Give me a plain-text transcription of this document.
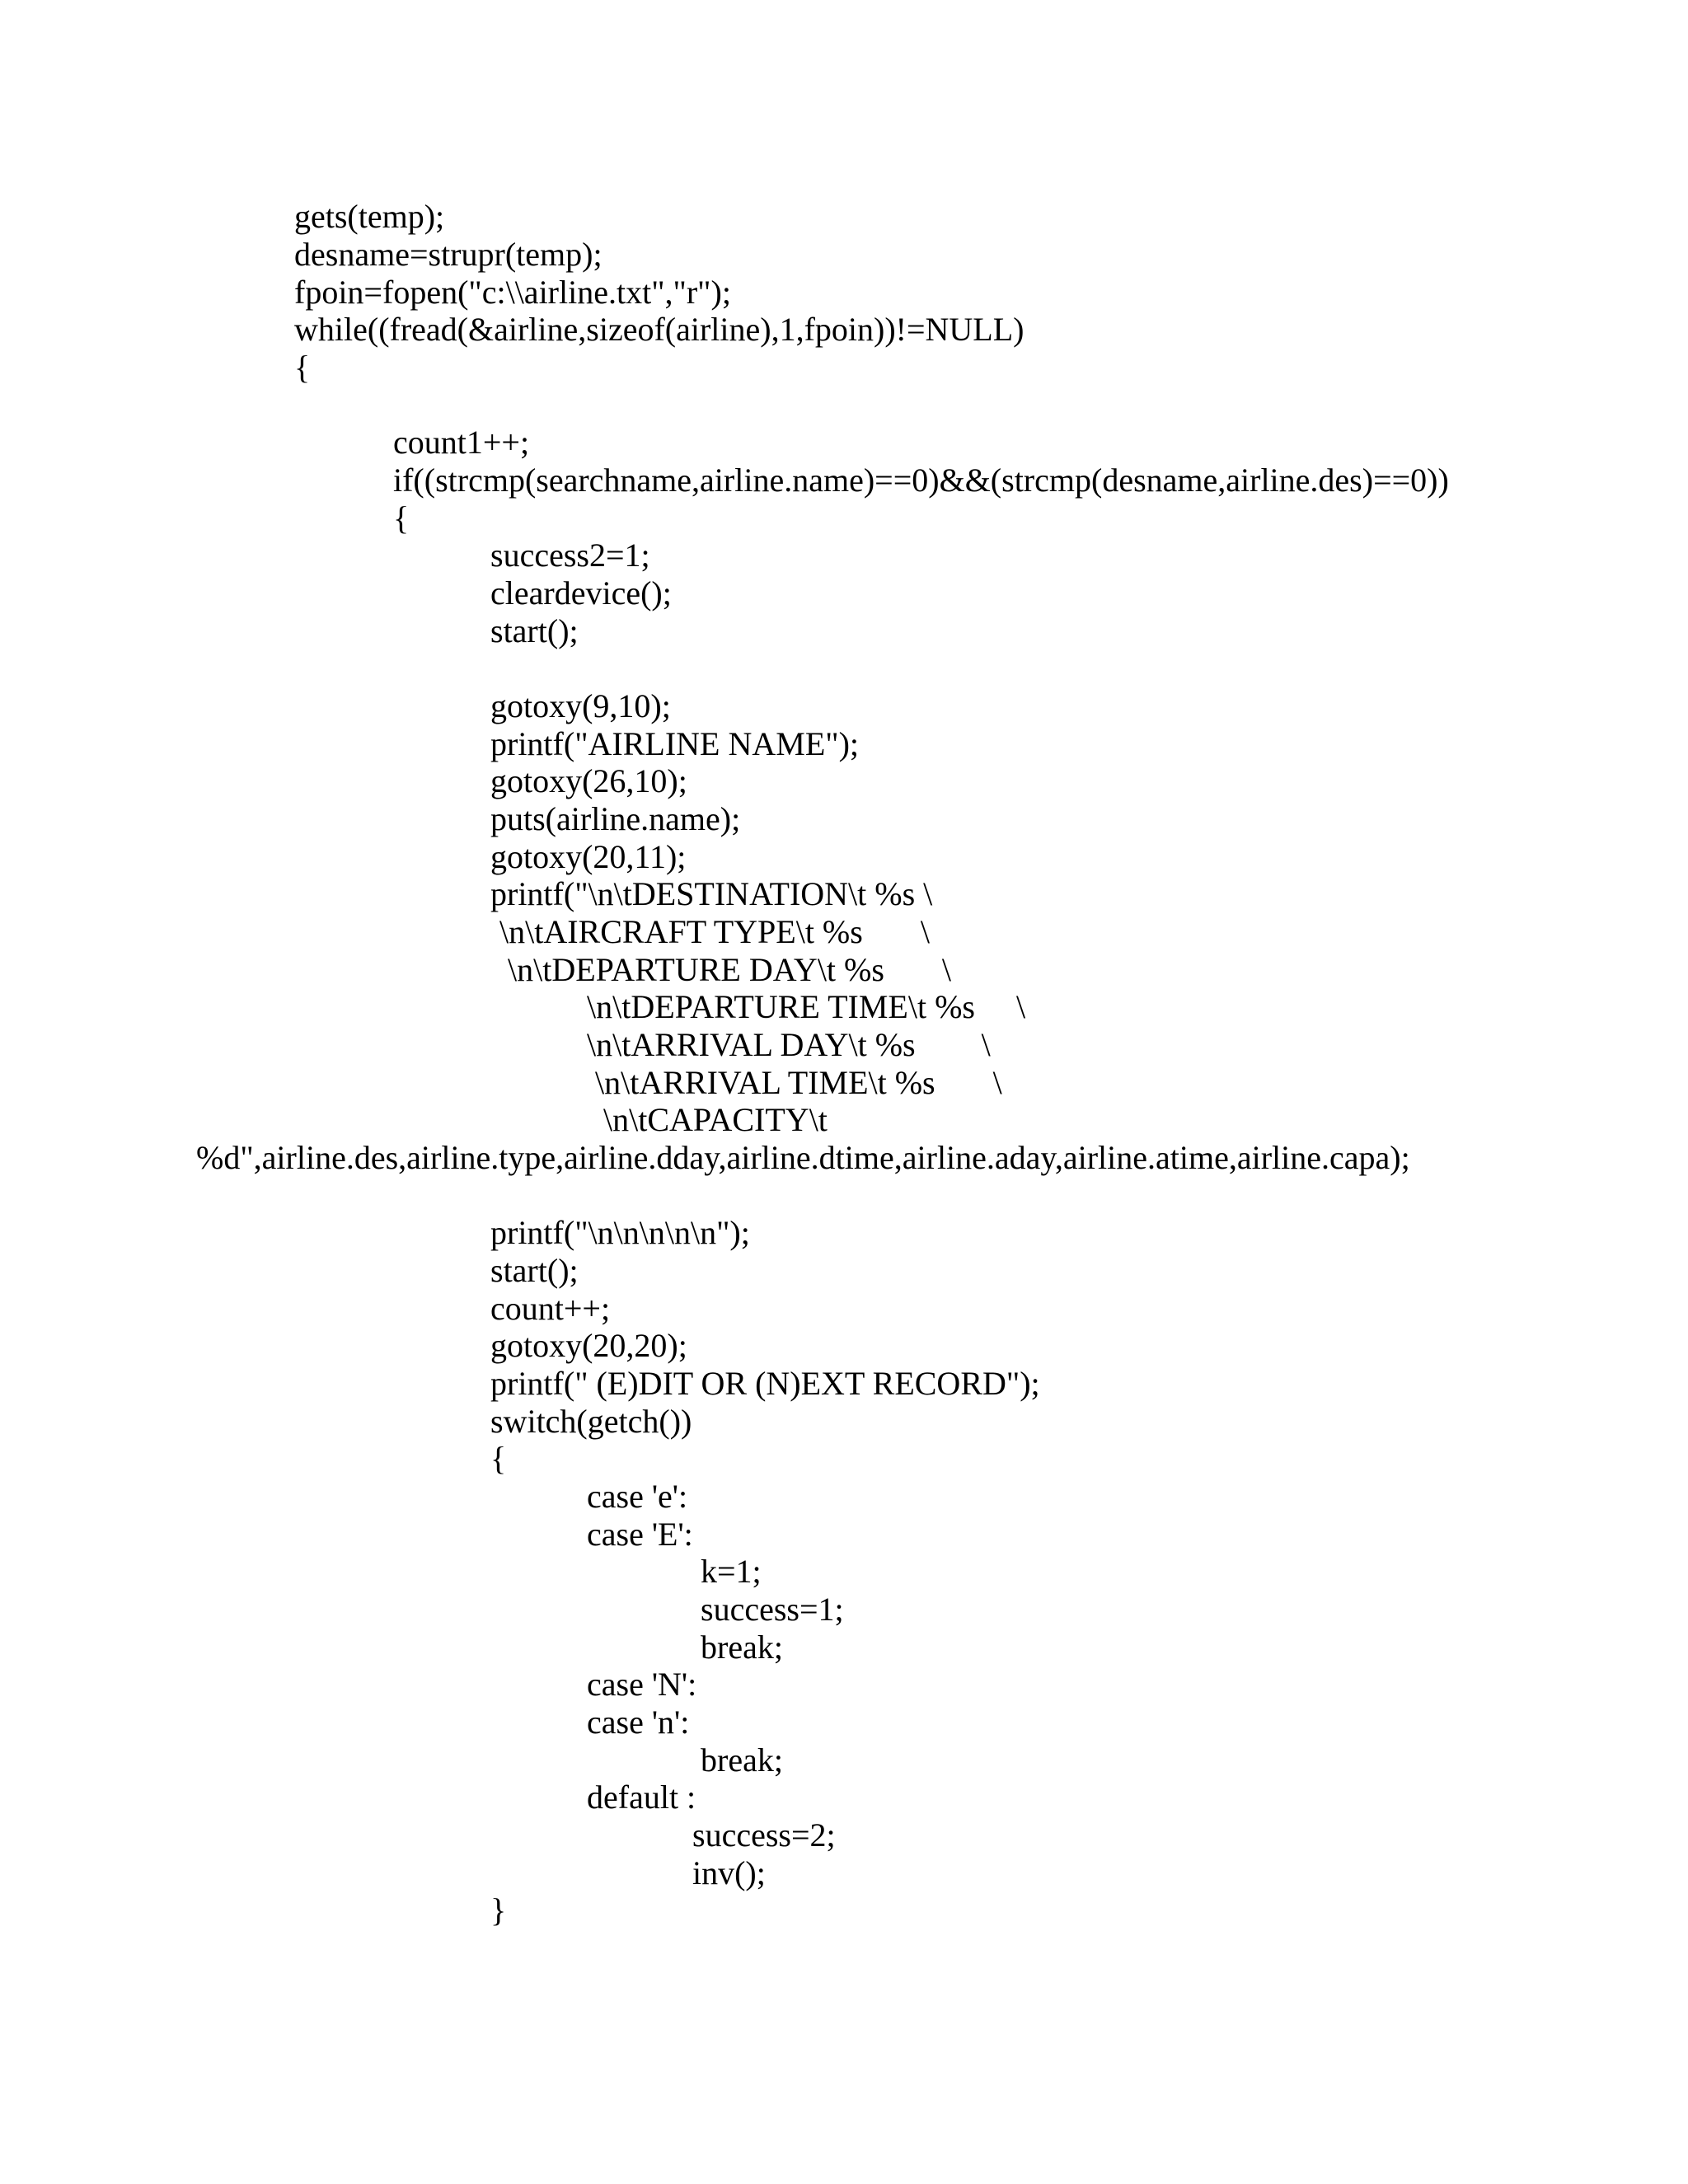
gets(temp);
desname=strupr(temp);
fpoin=fopen("c:\\airline.txt","r");
while((fread(&airline,sizeof(airline),1,fpoin))!=NULL)
{
count1++;
if((strcmp(searchname,airline.name)==0)&&(strcmp(desname,airline.des)==0))
{
success2=1;
cleardevice();
start();
gotoxy(9,10);
printf("AIRLINE NAME");
gotoxy(26,10);
puts(airline.name);
gotoxy(20,11);
printf("\n\tDESTINATION\t %s \
\n\tAIRCRAFT TYPE\t %s       \
\n\tDEPARTURE DAY\t %s       \
\n\tDEPARTURE TIME\t %s     \
\n\tARRIVAL DAY\t %s        \
\n\tARRIVAL TIME\t %s       \
\n\tCAPACITY\t
%d",airline.des,airline.type,airline.dday,airline.dtime,airline.aday,airline.atime,airline.capa);
printf("\n\n\n\n\n");
start();
count++;
gotoxy(20,20);
printf(" (E)DIT OR (N)EXT RECORD");
switch(getch())
{
case 'e':
case 'E':
k=1;
success=1;
break;
case 'N':
case 'n':
break;
default :
success=2;
inv();
}
